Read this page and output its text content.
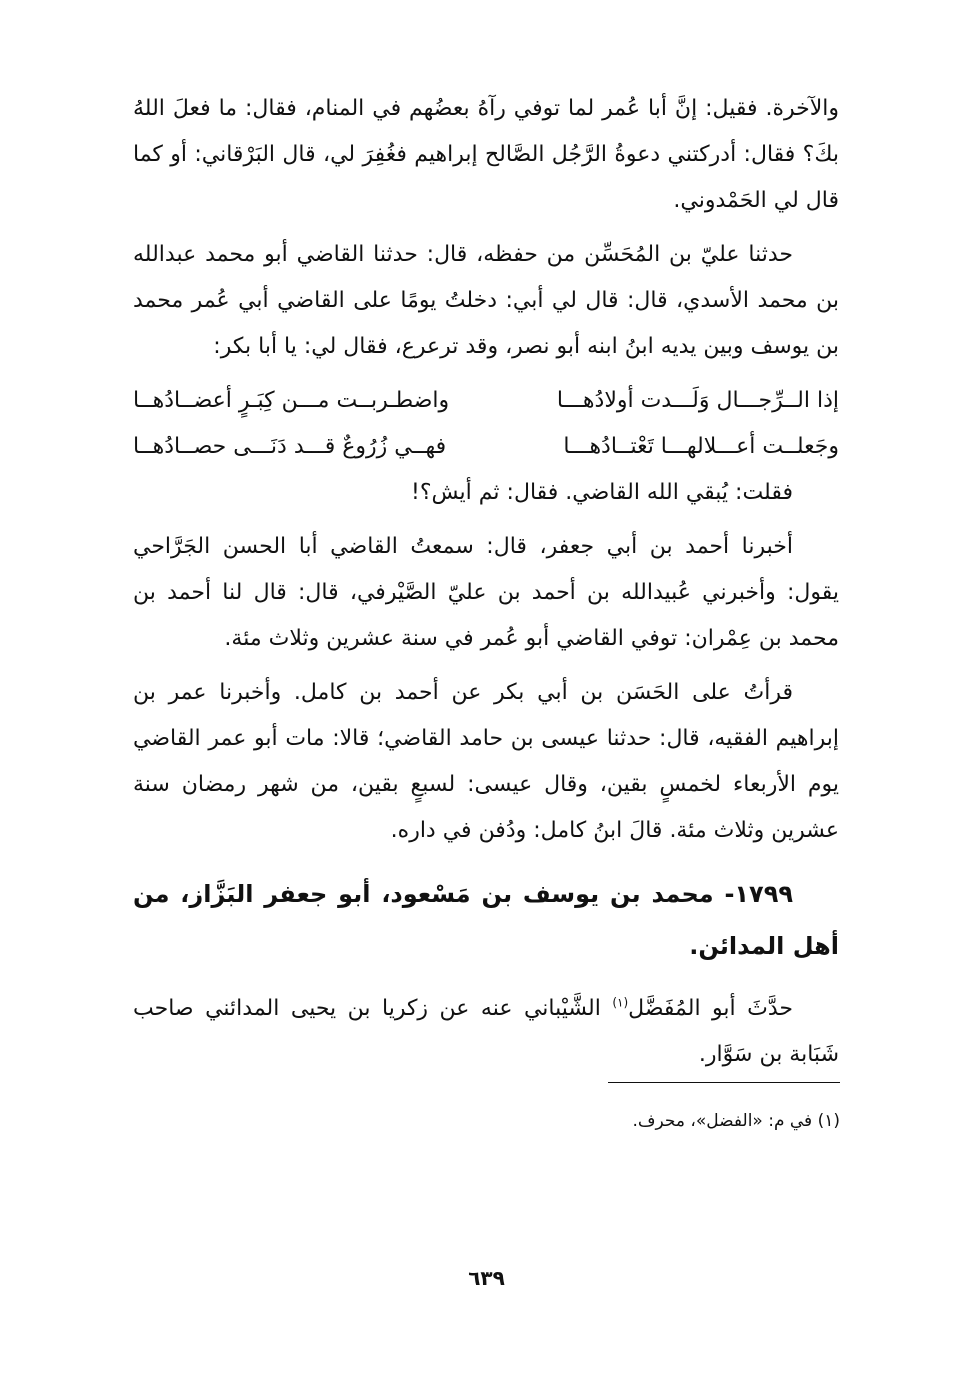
والآخرة. فقيل: إنَّ أبا عُمر لما توفي رآهُ بعضُهم في المنام، فقال: ما فعلَ اللهُ بكَ؟ فقال: أدركتني دعوةُ الرَّجُل الصَّالح إبراهيم فغُفِرَ لي، قال البَرْقاني: أو كما قال لي الحَمْدوني.

حدثنا عليّ بن المُحَسِّن من حفظه، قال: حدثنا القاضي أبو محمد عبدالله بن محمد الأسدي، قال: قال لي أبي: دخلتُ يومًا على القاضي أبي عُمر محمد بن يوسف وبين يديه ابنُ ابنه أبو نصر، وقد ترعرع، فقال لي: يا أبا بكر:

إذا الــرِّجـــال وَلَـــدت أولادُهـــا
واضطـربــت مـــن كِبَـرٍ أعضــادُهــا
وجَعلــت أعـــلالهـــا تَعْتــادُهـــا
فهــي زُرُوعٌ قـــد دَنَـــى حصــادُهــا

فقلت: يُبقي الله القاضي. فقال: ثم أيش؟!

أخبرنا أحمد بن أبي جعفر، قال: سمعتُ القاضي أبا الحسن الجَرَّاحي يقول: وأخبرني عُبيدالله بن أحمد بن عليّ الصَّيْرفي، قال: قال لنا أحمد بن محمد بن عِمْران: توفي القاضي أبو عُمر في سنة عشرين وثلاث مئة.

قرأتُ على الحَسَن بن أبي بكر عن أحمد بن كامل. وأخبرنا عمر بن إبراهيم الفقيه، قال: حدثنا عيسى بن حامد القاضي؛ قالا: مات أبو عمر القاضي يوم الأربعاء لخمسٍ بقين، وقال عيسى: لسبعٍ بقين، من شهر رمضان سنة عشرين وثلاث مئة. قالَ ابنُ كامل: ودُفن في داره.

١٧٩٩- محمد بن يوسف بن مَسْعود، أبو جعفر البَزَّاز، من أهل المدائن.

حدَّثَ أبو المُفَضَّل$^{(١)}$ الشَّيْباني عنه عن زكريا بن يحيى المدائني صاحب شَبَابة بن سَوَّار.

(١) في م: «الفضل»، محرف.
٦٣٩
